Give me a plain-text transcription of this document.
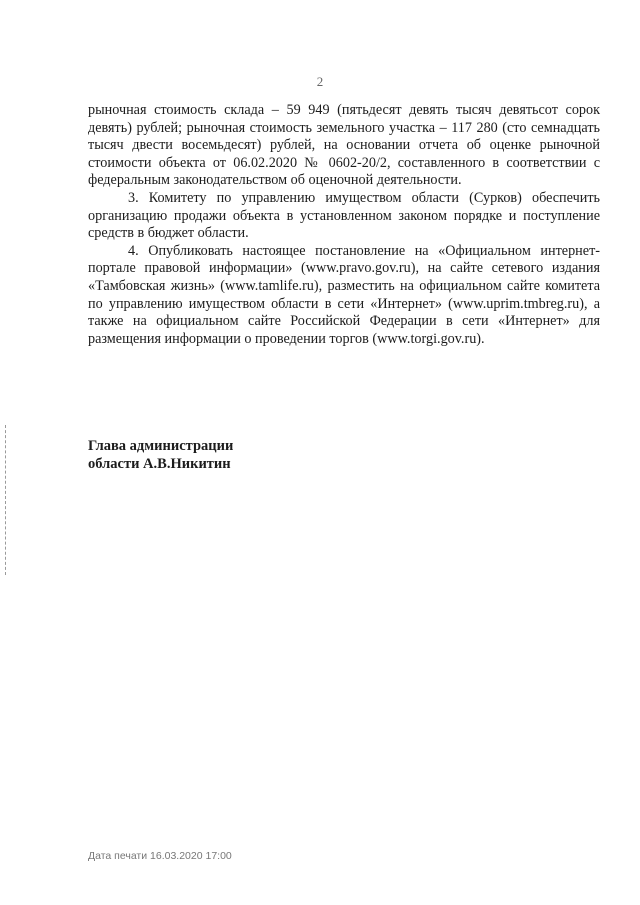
2

рыночная стоимость склада – 59 949 (пятьдесят девять тысяч девятьсот сорок девять) рублей; рыночная стоимость земельного участка – 117 280 (сто семнадцать тысяч двести восемьдесят) рублей, на основании отчета об оценке рыночной стоимости объекта от 06.02.2020 № 0602-20/2, составленного в соответствии с федеральным законодательством об оценочной деятельности.

3. Комитету по управлению имуществом области (Сурков) обеспечить организацию продажи объекта в установленном законом порядке и поступление средств в бюджет области.

4. Опубликовать настоящее постановление на «Официальном интернет-портале правовой информации» (www.pravo.gov.ru), на сайте сетевого издания «Тамбовская жизнь» (www.tamlife.ru), разместить на официальном сайте комитета по управлению имуществом области в сети «Интернет» (www.uprim.tmbreg.ru), а также на официальном сайте Российской Федерации в сети «Интернет» для размещения информации о проведении торгов (www.torgi.gov.ru).

Глава администрации
области А.В.Никитин
Дата печати 16.03.2020 17:00
